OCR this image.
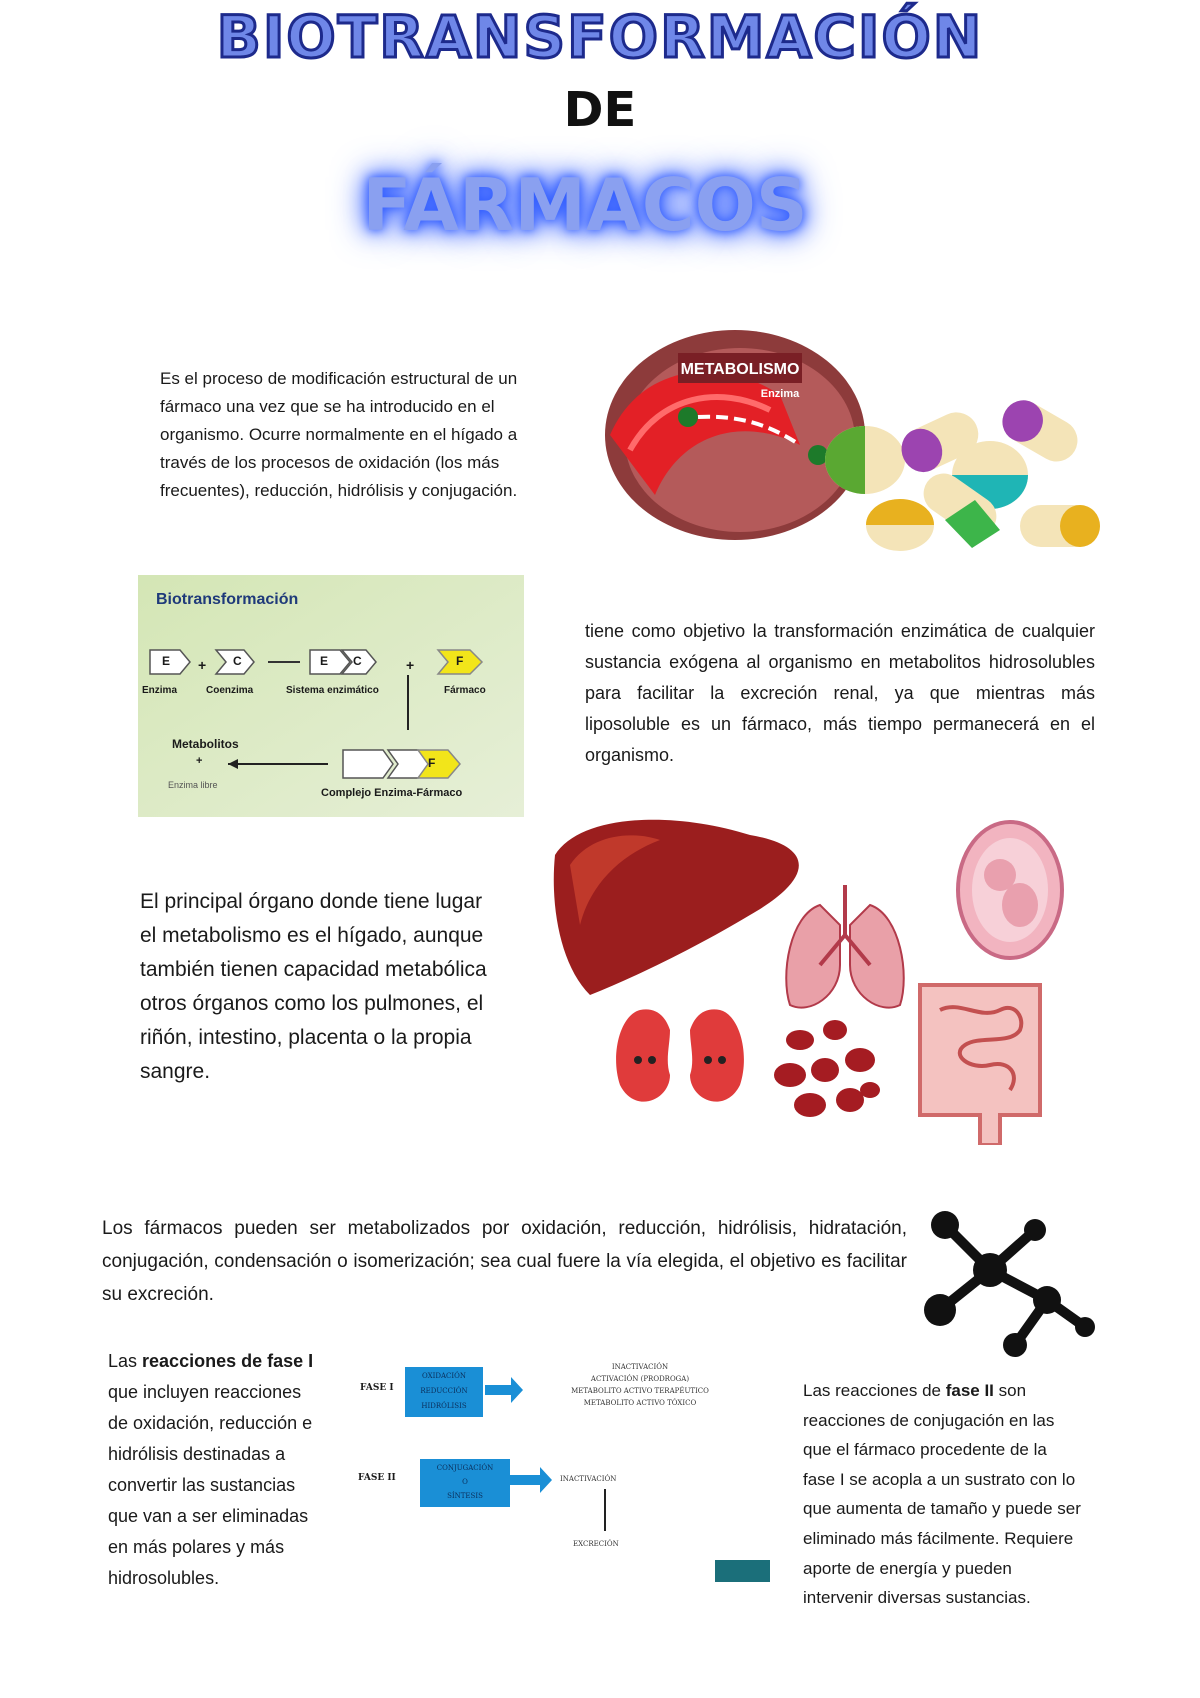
BIOTRANSFORMACIÓN
DE
FÁRMACOS
Es el proceso de modificación estructural de un fármaco una vez que se ha introducido en el organismo. Ocurre normalmente en el hígado a través de los procesos de oxidación (los más frecuentes), reducción, hidrólisis y conjugación.
METABOLISMO
Enzima
Biotransformación
E	C	E C	F
F
+	+
Enzima	Coenzima	Sistema enzimático	Fármaco
Metabolitos
+
Enzima libre
Complejo Enzima-Fármaco
tiene como objetivo la transformación enzimática de cualquier sustancia exógena al organismo en metabolitos hidrosolubles para facilitar la excreción renal, ya que mientras más liposoluble es un fármaco, más tiempo permanecerá en el organismo.
El principal órgano donde tiene lugar el metabolismo es el hígado, aunque también tienen capacidad metabólica otros órganos como los pulmones, el riñón, intestino, placenta o la propia sangre.
Los fármacos pueden ser metabolizados por oxidación, reducción, hidrólisis, hidratación, conjugación, condensación o isomerización; sea cual fuere la vía elegida, el objetivo es facilitar su excreción.
Las reacciones de fase I que incluyen reacciones de oxidación, reducción e hidrólisis destinadas a convertir las sustancias que van a ser eliminadas en más polares y más hidrosolubles.
FASE I
OXIDACIÓN
REDUCCIÓN
HIDRÓLISIS
INACTIVACIÓN
ACTIVACIÓN (PRODROGA)
METABOLITO ACTIVO TERAPÉUTICO
METABOLITO ACTIVO TÓXICO
FASE II
CONJUGACIÓN
O
SÍNTESIS
INACTIVACIÓN
EXCRECIÓN
Las reacciones de fase II son reacciones de conjugación en las que el fármaco procedente de la fase I se acopla a un sustrato con lo que aumenta de tamaño y puede ser eliminado más fácilmente. Requiere aporte de energía y pueden intervenir diversas sustancias.
